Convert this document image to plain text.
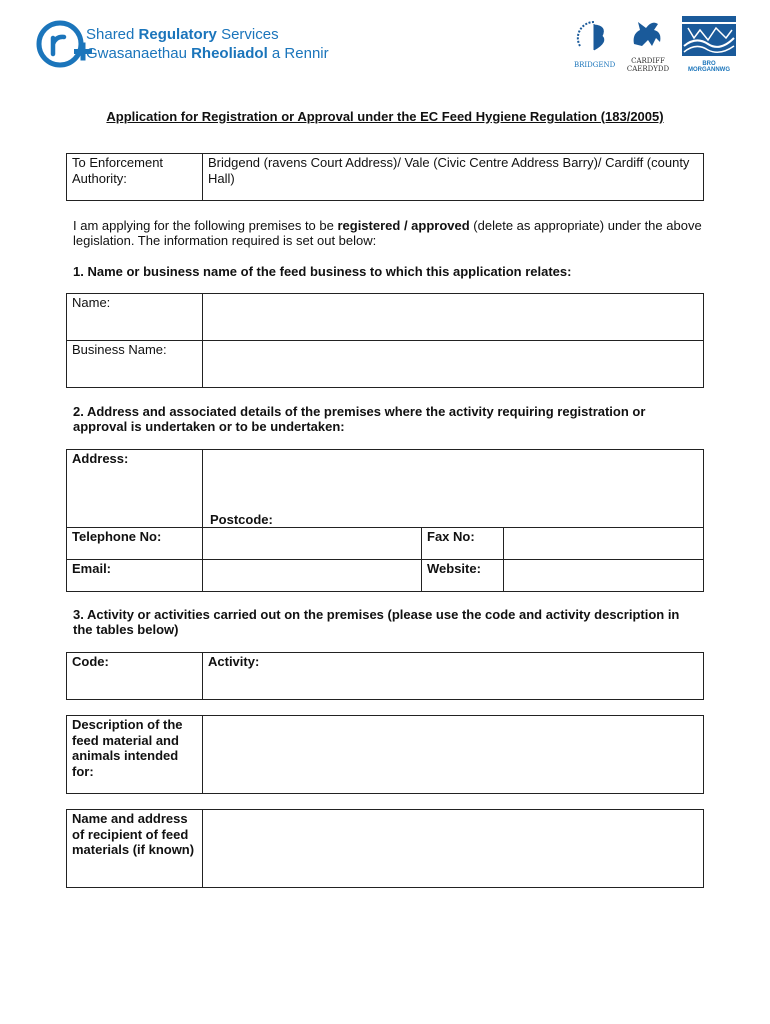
Shared Regulatory Services
Gwasanaethau Rheoliadol a Rennir
BRIDGEND	CARDIFF CAERDYDD
BRO MORGANNWG
Application for Registration or Approval under the EC Feed Hygiene Regulation (183/2005)
To Enforcement Authority:	Bridgend (ravens Court Address)/ Vale (Civic Centre Address Barry)/ Cardiff (county Hall)
I am applying for the following premises to be registered / approved (delete as appropriate) under the above legislation. The information required is set out below:
1. Name or business name of the feed business to which this application relates:
Name:	
Business Name:	
2. Address and associated details of the premises where the activity requiring registration or approval is undertaken or to be undertaken:
Address:	Postcode:		

Telephone No:		Fax No:	
Email:		Website:	
3. Activity or activities carried out on the premises (please use the code and activity description in the tables below)
Code:	Activity:
Description of the feed material and animals intended for:	
Name and address of recipient of feed materials (if known)	
